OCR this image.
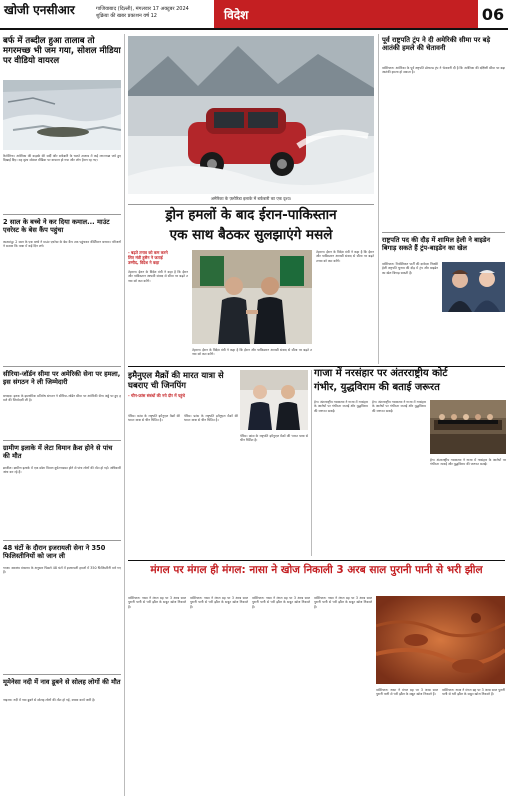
खोजी एनसीआर	गाजियाबाद (दिल्ली), मंगलवार 17 अक्टूबर 2024
शुक्रिया की खबर प्रकाशन वर्ष 12	विदेश	06
बर्फ में तब्दील हुआ तालाब तो मगरमच्छ भी जम गया, सोशल मीडिया पर वीडियो वायरल
कैरोलिना। अमेरिका की कड़ाके की सर्दी और बर्फबारी के चलते तालाब में कई मगरमच्छ जमे हुए दिखाई दिए। यह दृश्य सोशल मीडिया पर वायरल हो गया और लोग हैरान रह गए।
2 साल के बच्चे ने कर दिया कमाल... माउंट एवरेस्ट के बेस कैंप पहुंचा
काठमांडू। 2 साल के एक बच्चे ने माउंट एवरेस्ट के बेस कैंप तक पहुंचकर कीर्तिमान बनाया। परिजनों ने बताया कि यात्रा में कई दिन लगे।
सीरिया-जॉर्डन सीमा पर अमेरिकी सेना पर हमला, इस संगठन ने ली जिम्मेदारी
बगदाद। इराक के इस्लामिक प्रतिरोध संगठन ने सीरिया-जॉर्डन सीमा पर अमेरिकी सैन्य अड्डे पर हुए हमले की जिम्मेदारी ली है।
ग्रामीण इलाके में लेटा विमान क्रैश होने से पांच की मौत
ब्राजील। ग्रामीण इलाके में एक छोटा विमान दुर्घटनाग्रस्त होने से पांच लोगों की मौत हो गई। अधिकारी जांच कर रहे हैं।
48 घंटों के दौरान इजरायली सेना ने 350 फिलिस्तीनियों को जान ली
गाजा। स्वास्थ्य मंत्रालय के अनुसार पिछले 48 घंटों में इजरायली हमलों में 350 फिलिस्तीनी मारे गए हैं।
मूमेनेसा नदी में नाव डूबने से सोलह लोगों की मौत
नाइजर। नदी में नाव डूबने से सोलह लोगों की मौत हो गई, बचाव कार्य जारी है।
अमेरिका के फ़्लोरिडा इलाके में बर्फबारी का एक दृश्य।
पूर्व राष्ट्रपति ट्रंप ने दी अमेरिकी सीमा पर बड़े आतंकी हमले की चेतावनी
वाशिंगटन। अमेरिका के पूर्व राष्ट्रपति डोनाल्ड ट्रंप ने चेतावनी दी है कि अमेरिका की दक्षिणी सीमा पर बड़ा आतंकी हमला हो सकता है।
राष्ट्रपति पद की दौड़ में शामिल हेली ने बाइडेन बिगाड़ सकते हैं ट्रंप-बाइडेन का खेल
वाशिंगटन। रिपब्लिकन पार्टी की दावेदार निक्की हेली राष्ट्रपति चुनाव की दौड़ में ट्रंप और बाइडेन का खेल बिगाड़ सकती हैं।
ड्रोन हमलों के बाद ईरान-पाकिस्तान
एक साथ बैठकर सुलझाएंगे मसले
- बढ़ते तनाव को कम करने
लिए मंत्री हुसैन ने जताई
उम्मीद, विदेश ने कहा
तेहरान। ईरान के विदेश मंत्री ने कहा है कि ईरान और पाकिस्तान आपसी संवाद से सीमा पर बढ़ते तनाव को कम करेंगे।
तेहरान। ईरान के विदेश मंत्री ने कहा है कि ईरान और पाकिस्तान आपसी संवाद से सीमा पर बढ़ते तनाव को कम करेंगे।
तेहरान। ईरान के विदेश मंत्री ने कहा है कि ईरान और पाकिस्तान आपसी संवाद से सीमा पर बढ़ते तनाव को कम करेंगे।
इमैनुएल मैक्रों की मारत यात्रा से घबराए ची जिनपिंग
- चीन-फ्रांस संबंधों की नये दौर में पहुंचे
पेरिस। फ्रांस के राष्ट्रपति इमैनुएल मैक्रों की भारत यात्रा से चीन चिंतित है।
पेरिस। फ्रांस के राष्ट्रपति इमैनुएल मैक्रों की भारत यात्रा से चीन चिंतित है।
पेरिस। फ्रांस के राष्ट्रपति इमैनुएल मैक्रों की भारत यात्रा से चीन चिंतित है।
गाजा में नरसंहार पर अंतरराष्ट्रीय कोर्ट
गंभीर, युद्धविराम की बताई जरूरत
हेग। अंतरराष्ट्रीय न्यायालय ने गाजा में नरसंहार के आरोपों पर गंभीरता जताई और युद्धविराम की जरूरत बताई।
हेग। अंतरराष्ट्रीय न्यायालय ने गाजा में नरसंहार के आरोपों पर गंभीरता जताई और युद्धविराम की जरूरत बताई।
हेग। अंतरराष्ट्रीय न्यायालय ने गाजा में नरसंहार के आरोपों पर गंभीरता जताई और युद्धविराम की जरूरत बताई।
मंगल पर मंगल ही मंगल: नासा ने खोज निकाली 3 अरब साल पुरानी पानी से भरी झील
वाशिंगटन। नासा ने मंगल ग्रह पर 3 अरब साल पुरानी पानी से भरी झील के सबूत खोज निकाले हैं।
वाशिंगटन। नासा ने मंगल ग्रह पर 3 अरब साल पुरानी पानी से भरी झील के सबूत खोज निकाले हैं।
वाशिंगटन। नासा ने मंगल ग्रह पर 3 अरब साल पुरानी पानी से भरी झील के सबूत खोज निकाले हैं।
वाशिंगटन। नासा ने मंगल ग्रह पर 3 अरब साल पुरानी पानी से भरी झील के सबूत खोज निकाले हैं।
वाशिंगटन। नासा ने मंगल ग्रह पर 3 अरब साल पुरानी पानी से भरी झील के सबूत खोज निकाले हैं।
वाशिंगटन। नासा ने मंगल ग्रह पर 3 अरब साल पुरानी पानी से भरी झील के सबूत खोज निकाले हैं।
